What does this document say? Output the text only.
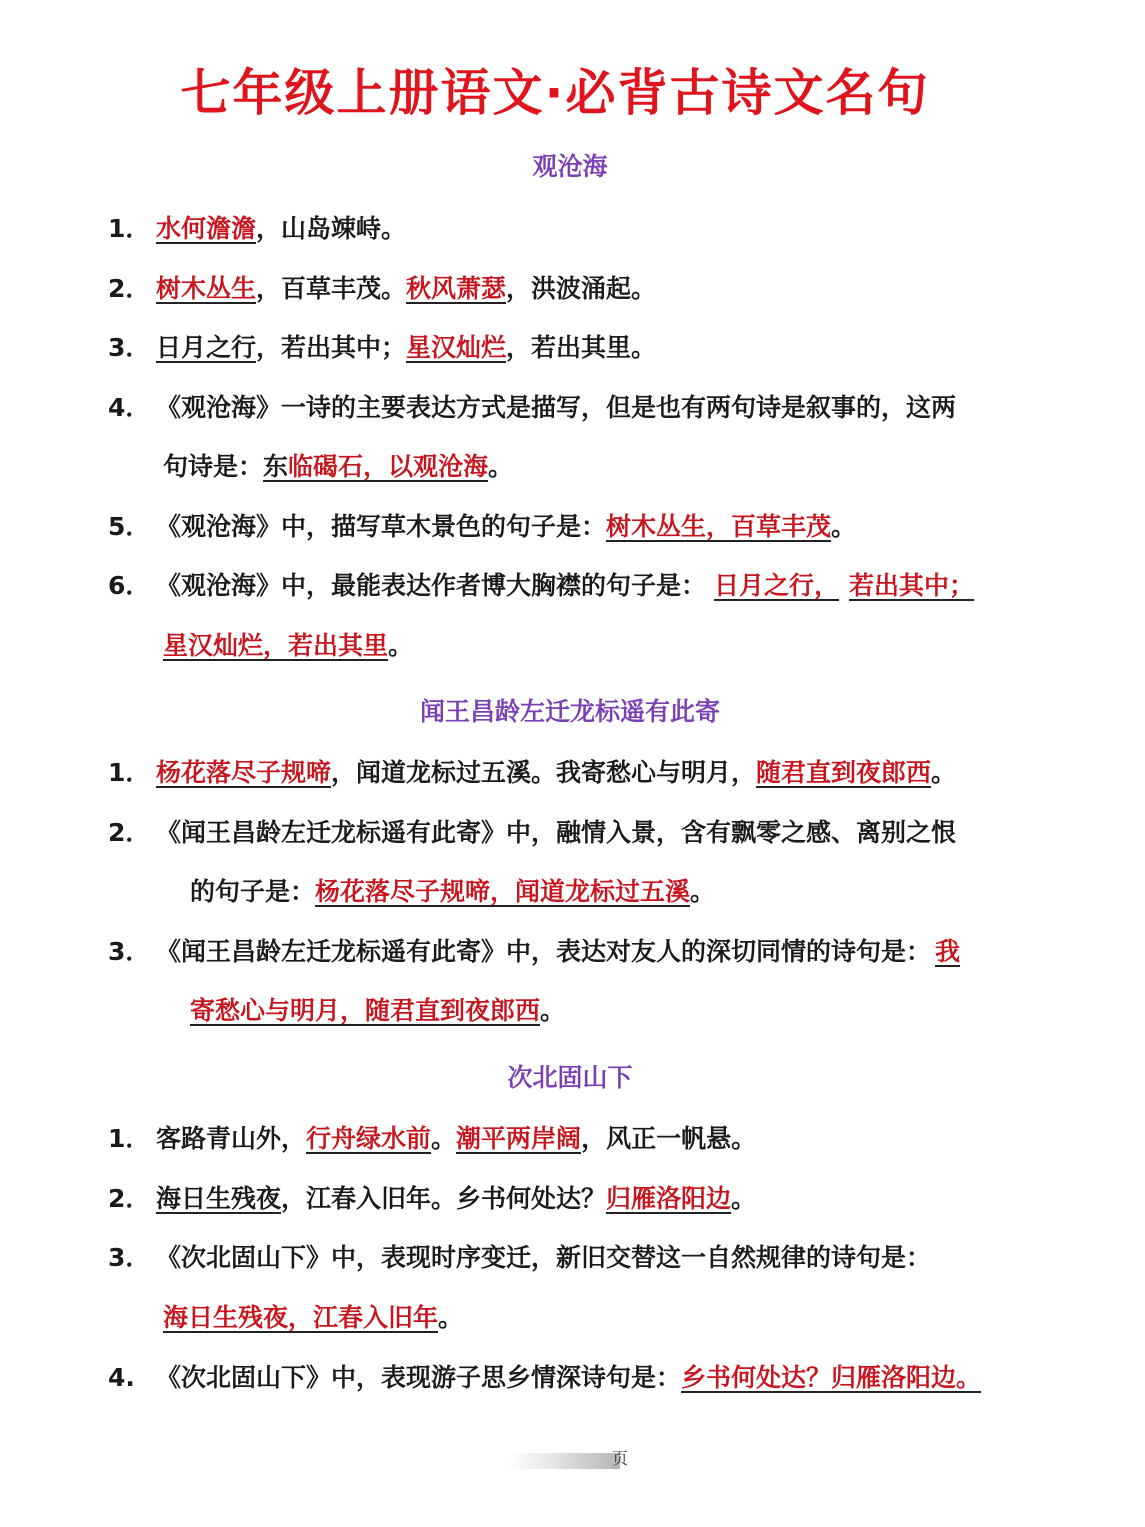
七年级上册语文·必背古诗文名句
观沧海
1． 水何澹澹，山岛竦峙。
2． 树木丛生，百草丰茂。秋风萧瑟，洪波涌起。
3． 日月之行，若出其中；星汉灿烂，若出其里。
4． 《观沧海》一诗的主要表达方式是描写，但是也有两句诗是叙事的，这两
句诗是：东临碣石，以观沧海。
5． 《观沧海》中，描写草木景色的句子是：树木丛生，百草丰茂。
6． 《观沧海》中，最能表达作者博大胸襟的句子是： 日月之行， 若出其中；
星汉灿烂，若出其里。
闻王昌龄左迁龙标遥有此寄
1． 杨花落尽子规啼，闻道龙标过五溪。我寄愁心与明月，随君直到夜郎西。
2． 《闻王昌龄左迁龙标遥有此寄》中，融情入景，含有飘零之感、离别之恨
的句子是：杨花落尽子规啼，闻道龙标过五溪。
3． 《闻王昌龄左迁龙标遥有此寄》中，表达对友人的深切同情的诗句是： 我
寄愁心与明月，随君直到夜郎西。
次北固山下
1． 客路青山外，行舟绿水前。潮平两岸阔，风正一帆悬。
2． 海日生残夜，江春入旧年。乡书何处达？归雁洛阳边。
3． 《次北固山下》中，表现时序变迁，新旧交替这一自然规律的诗句是：
海日生残夜，江春入旧年。
4. 《次北固山下》中，表现游子思乡情深诗句是：乡书何处达？归雁洛阳边。
页
